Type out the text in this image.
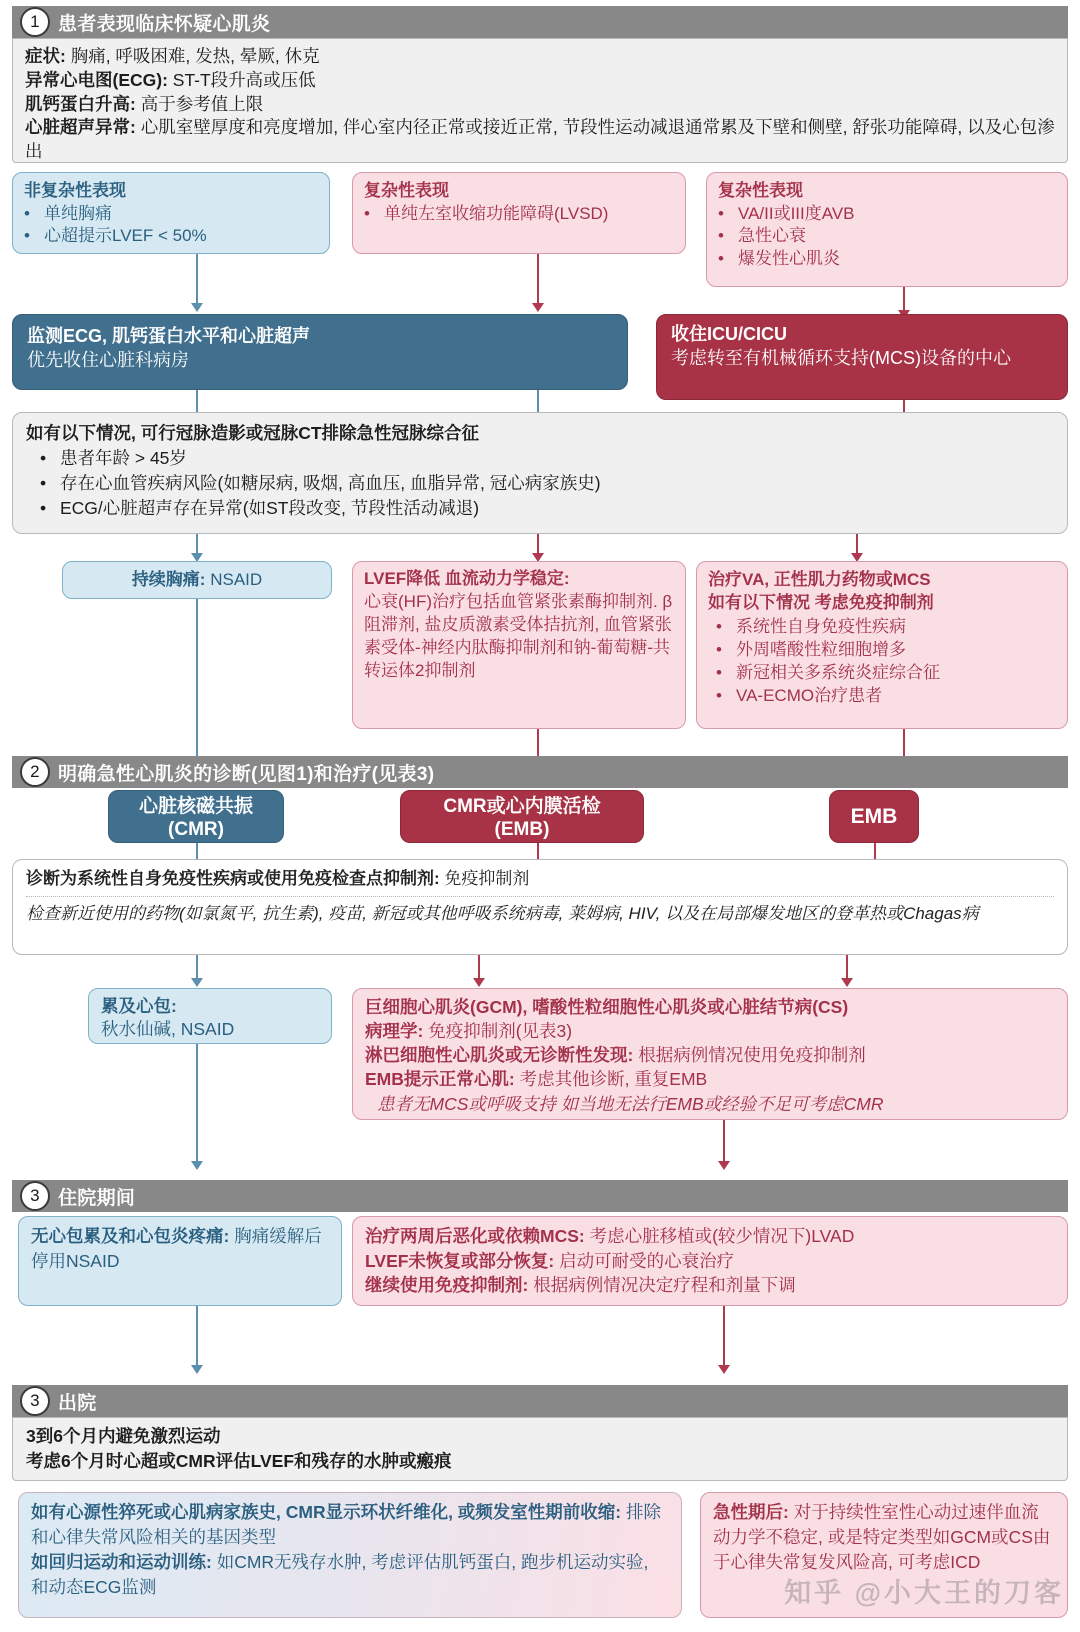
1 患者表现临床怀疑心肌炎
症状: 胸痛, 呼吸困难, 发热, 晕厥, 休克
异常心电图(ECG): ST-T段升高或压低
肌钙蛋白升高: 高于参考值上限
心脏超声异常: 心肌室壁厚度和亮度增加, 伴心室内径正常或接近正常, 节段性运动减退通常累及下壁和侧壁, 舒张功能障碍, 以及心包渗出
非复杂性表现
• 单纯胸痛
• 心超提示LVEF < 50%
复杂性表现
• 单纯左室收缩功能障碍(LVSD)
复杂性表现
• VA/II或III度AVB
• 急性心衰
• 爆发性心肌炎
监测ECG, 肌钙蛋白水平和心脏超声
优先收住心脏科病房
收住ICU/CICU
考虑转至有机械循环支持(MCS)设备的中心
如有以下情况, 可行冠脉造影或冠脉CT排除急性冠脉综合征
• 患者年龄 > 45岁
• 存在心血管疾病风险(如糖尿病, 吸烟, 高血压, 血脂异常, 冠心病家族史)
• ECG/心脏超声存在异常(如ST段改变, 节段性活动减退)
持续胸痛: NSAID	LVEF降低 血流动力学稳定:
心衰(HF)治疗包括血管紧张素酶抑制剂. β阻滞剂, 盐皮质激素受体拮抗剂, 血管紧张素受体-神经内肽酶抑制剂和钠-葡萄糖-共转运体2抑制剂
治疗VA, 正性肌力药物或MCS
如有以下情况 考虑免疫抑制剂
• 系统性自身免疫性疾病
• 外周嗜酸性粒细胞增多
• 新冠相关多系统炎症综合征
• VA-ECMO治疗患者
2 明确急性心肌炎的诊断(见图1)和治疗(见表3)
心脏核磁共振
(CMR)
CMR或心内膜活检
(EMB)
EMB
诊断为系统性自身免疫性疾病或使用免疫检查点抑制剂: 免疫抑制剂
检查新近使用的药物(如氯氮平, 抗生素), 疫苗, 新冠或其他呼吸系统病毒, 莱姆病, HIV, 以及在局部爆发地区的登革热或Chagas病
累及心包:
秋水仙碱, NSAID
巨细胞心肌炎(GCM), 嗜酸性粒细胞性心肌炎或心脏结节病(CS)
病理学: 免疫抑制剂(见表3)
淋巴细胞性心肌炎或无诊断性发现: 根据病例情况使用免疫抑制剂
EMB提示正常心肌: 考虑其他诊断, 重复EMB
患者无MCS或呼吸支持 如当地无法行EMB或经验不足可考虑CMR
3 住院期间
无心包累及和心包炎疼痛: 胸痛缓解后停用NSAID
治疗两周后恶化或依赖MCS: 考虑心脏移植或(较少情况下)LVAD
LVEF未恢复或部分恢复: 启动可耐受的心衰治疗
继续使用免疫抑制剂: 根据病例情况决定疗程和剂量下调
3 出院
3到6个月内避免激烈运动
考虑6个月时心超或CMR评估LVEF和残存的水肿或瘢痕
如有心源性猝死或心肌病家族史, CMR显示环状纤维化, 或频发室性期前收缩: 排除和心律失常风险相关的基因类型
如回归运动和运动训练: 如CMR无残存水肿, 考虑评估肌钙蛋白, 跑步机运动实验, 和动态ECG监测
急性期后: 对于持续性室性心动过速伴血流动力学不稳定, 或是特定类型如GCM或CS由于心律失常复发风险高, 可考虑ICD
知乎 @小大王的刀客
